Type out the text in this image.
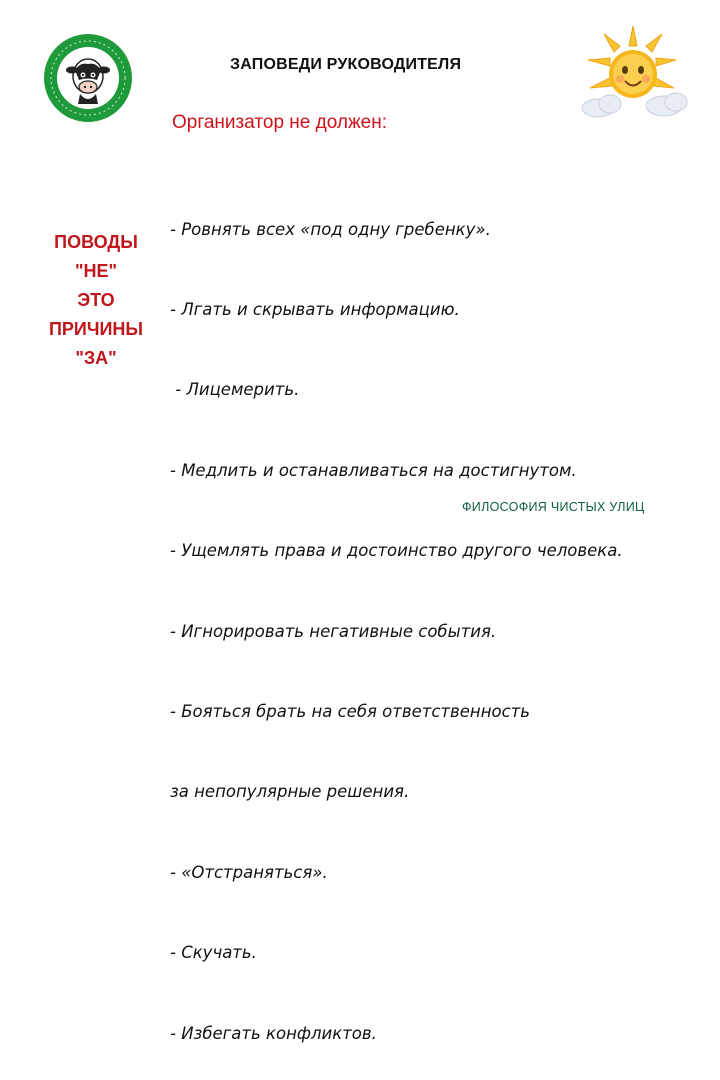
ЗАПОВЕДИ РУКОВОДИТЕЛЯ
Организатор не должен:
ПОВОДЫ
"НЕ"
ЭТО
ПРИЧИНЫ
"ЗА"

- Ровнять всех «под одну гребенку».

- Лгать и скрывать информацию.

- Лицемерить.

- Медлить и останавливаться на достигнутом.

- Ущемлять права и достоинство другого человека.

- Игнорировать негативные события.

- Бояться брать на себя ответственность

за непопулярные решения.

- «Отстраняться».

- Скучать.

- Избегать конфликтов.

ФИЛОСОФИЯ ЧИСТЫХ УЛИЦ
